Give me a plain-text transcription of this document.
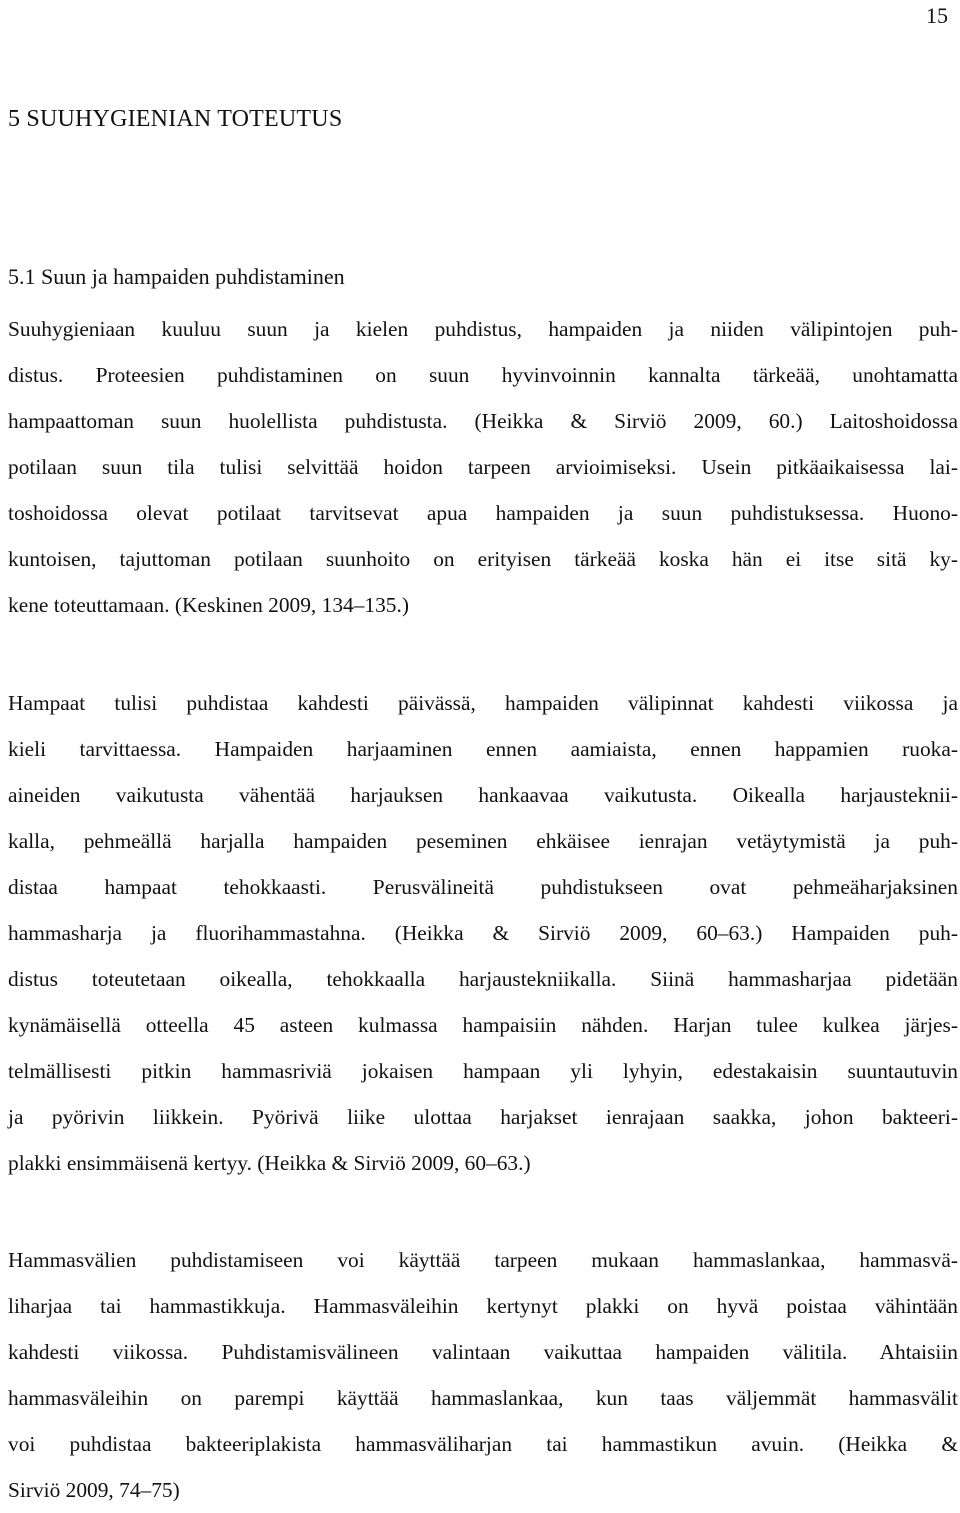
15
5 SUUHYGIENIAN TOTEUTUS
5.1 Suun ja hampaiden puhdistaminen

Suuhygieniaan kuuluu suun ja kielen puhdistus, hampaiden ja niiden välipintojen puh-
distus. Proteesien puhdistaminen on suun hyvinvoinnin kannalta tärkeää, unohtamatta
hampaattoman suun huolellista puhdistusta. (Heikka & Sirviö 2009, 60.) Laitoshoidossa
potilaan suun tila tulisi selvittää hoidon tarpeen arvioimiseksi. Usein pitkäaikaisessa lai-
toshoidossa olevat potilaat tarvitsevat apua hampaiden ja suun puhdistuksessa. Huono-
kuntoisen, tajuttoman potilaan suunhoito on erityisen tärkeää koska hän ei itse sitä ky-
kene toteuttamaan. (Keskinen 2009, 134–135.)

Hampaat tulisi puhdistaa kahdesti päivässä, hampaiden välipinnat kahdesti viikossa ja
kieli tarvittaessa. Hampaiden harjaaminen ennen aamiaista, ennen happamien ruoka-
aineiden vaikutusta vähentää harjauksen hankaavaa vaikutusta. Oikealla harjausteknii-
kalla, pehmeällä harjalla hampaiden peseminen ehkäisee ienrajan vetäytymistä ja puh-
distaa hampaat tehokkaasti. Perusvälineitä puhdistukseen ovat pehmeäharjaksinen
hammasharja ja fluorihammastahna. (Heikka & Sirviö 2009, 60–63.) Hampaiden puh-
distus toteutetaan oikealla, tehokkaalla harjaustekniikalla. Siinä hammasharjaa pidetään
kynämäisellä otteella 45 asteen kulmassa hampaisiin nähden. Harjan tulee kulkea järjes-
telmällisesti pitkin hammasriviä jokaisen hampaan yli lyhyin, edestakaisin suuntautuvin
ja pyörivin liikkein. Pyörivä liike ulottaa harjakset ienrajaan saakka, johon bakteeri-
plakki ensimmäisenä kertyy. (Heikka & Sirviö 2009, 60–63.)

Hammasvälien puhdistamiseen voi käyttää tarpeen mukaan hammaslankaa, hammasvä-
liharjaa tai hammastikkuja. Hammasväleihin kertynyt plakki on hyvä poistaa vähintään
kahdesti viikossa. Puhdistamisvälineen valintaan vaikuttaa hampaiden välitila. Ahtaisiin
hammasväleihin on parempi käyttää hammaslankaa, kun taas väljemmät hammasvälit
voi puhdistaa bakteeriplakista hammasväliharjan tai hammastikun avuin. (Heikka &
Sirviö 2009, 74–75)
